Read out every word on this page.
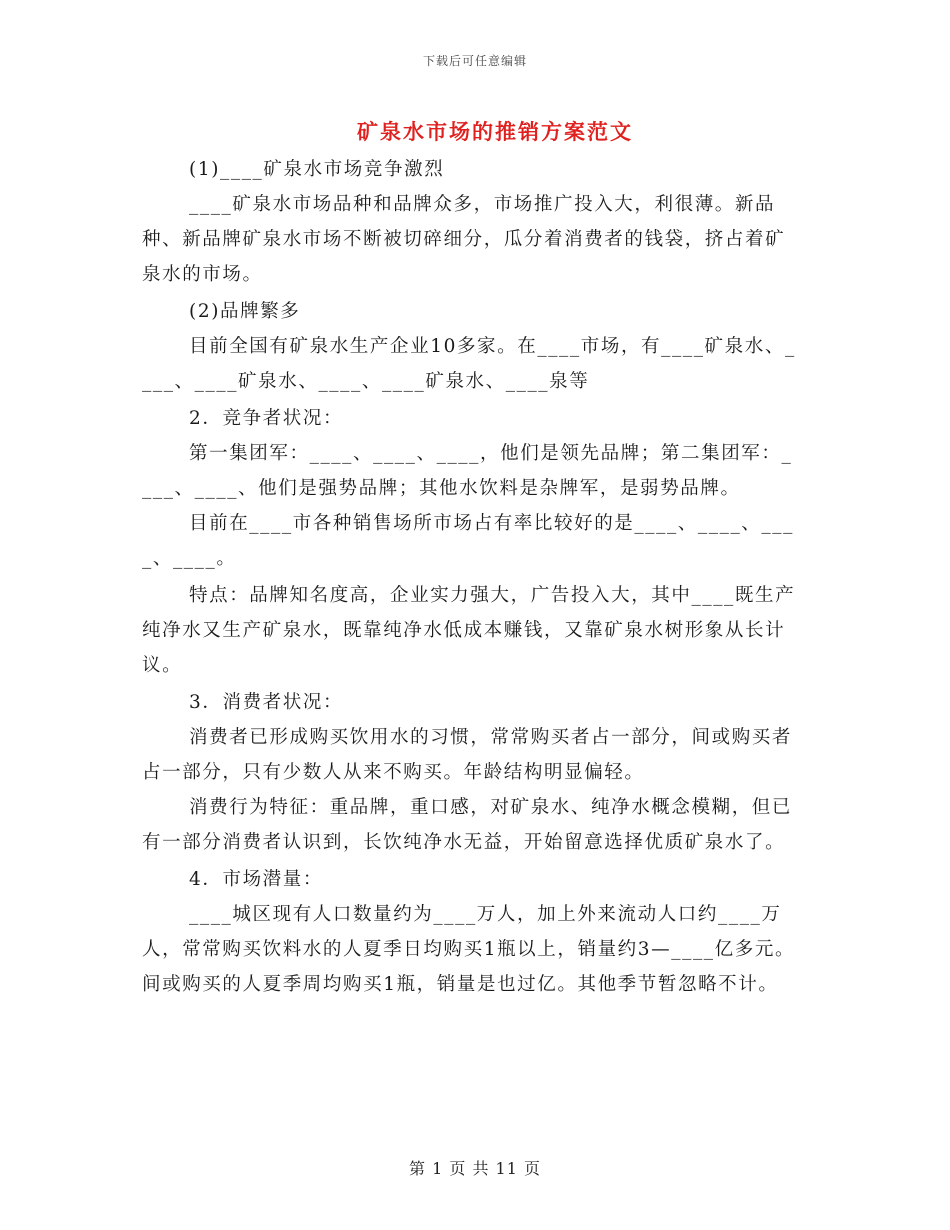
下载后可任意编辑
矿泉水市场的推销方案范文

(1)____矿泉水市场竞争激烈

____矿泉水市场品种和品牌众多，市场推广投入大，利很薄。新品种、新品牌矿泉水市场不断被切碎细分，瓜分着消费者的钱袋，挤占着矿泉水的市场。

(2)品牌繁多

目前全国有矿泉水生产企业10多家。在____市场，有____矿泉水、____、____矿泉水、____、____矿泉水、____泉等

2．竞争者状况：

第一集团军：____、____、____，他们是领先品牌；第二集团军：____、____、他们是强势品牌；其他水饮料是杂牌军，是弱势品牌。

目前在____市各种销售场所市场占有率比较好的是____、____、____、____。

特点：品牌知名度高，企业实力强大，广告投入大，其中____既生产纯净水又生产矿泉水，既靠纯净水低成本赚钱，又靠矿泉水树形象从长计议。

3．消费者状况：

消费者已形成购买饮用水的习惯，常常购买者占一部分，间或购买者占一部分，只有少数人从来不购买。年龄结构明显偏轻。

消费行为特征：重品牌，重口感，对矿泉水、纯净水概念模糊，但已有一部分消费者认识到，长饮纯净水无益，开始留意选择优质矿泉水了。

4．市场潜量：

____城区现有人口数量约为____万人，加上外来流动人口约____万人，常常购买饮料水的人夏季日均购买1瓶以上，销量约3—____亿多元。间或购买的人夏季周均购买1瓶，销量是也过亿。其他季节暂忽略不计。

第 1 页 共 11 页
